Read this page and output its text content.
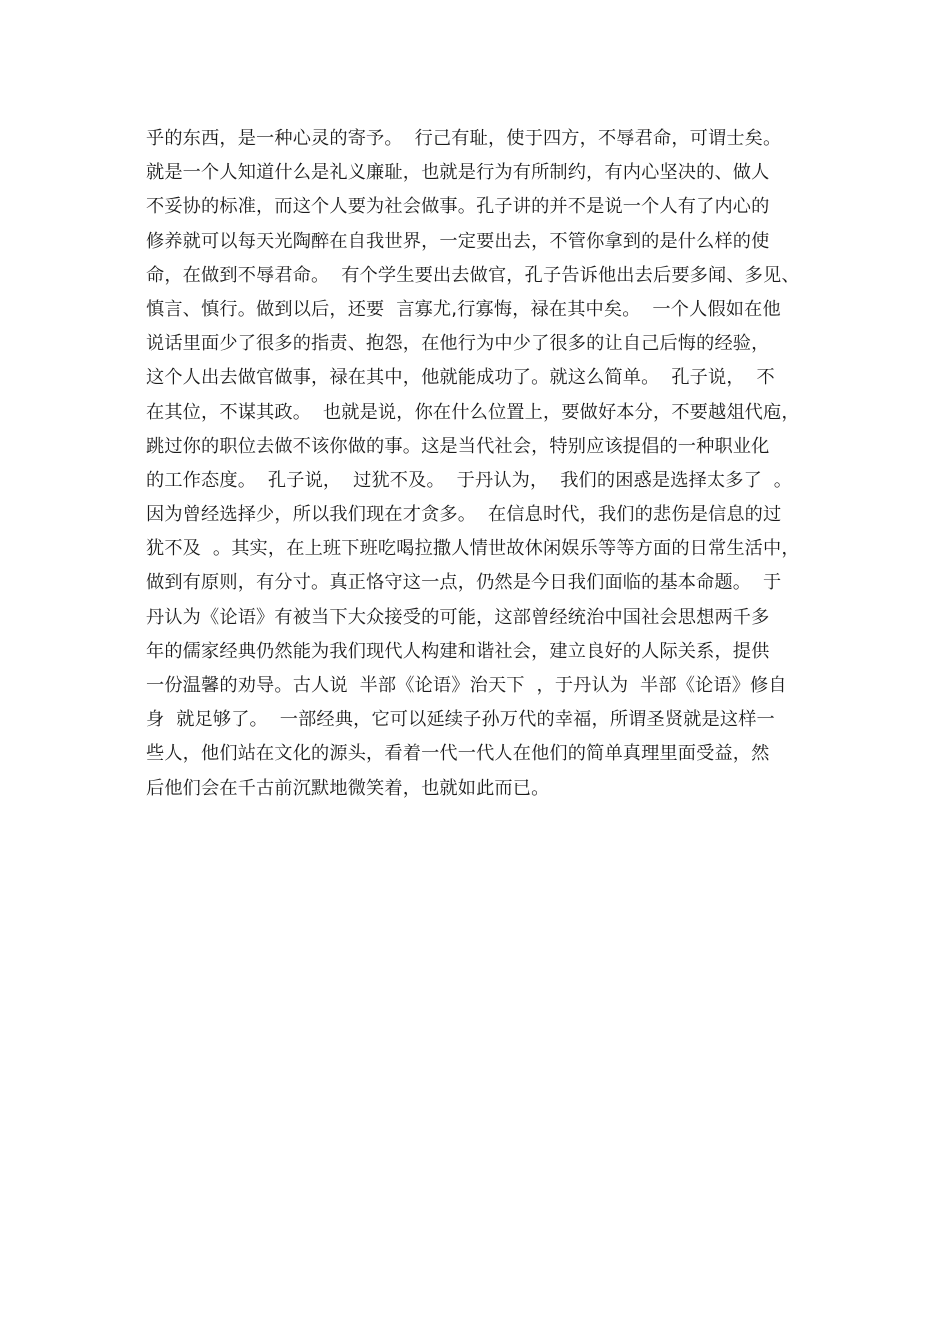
乎的东西，是一种心灵的寄予。  行己有耻，使于四方，不辱君命，可谓士矣。
就是一个人知道什么是礼义廉耻，也就是行为有所制约，有内心坚决的、做人
不妥协的标准，而这个人要为社会做事。孔子讲的并不是说一个人有了内心的
修养就可以每天光陶醉在自我世界，一定要出去，不管你拿到的是什么样的使
命，在做到不辱君命。  有个学生要出去做官，孔子告诉他出去后要多闻、多见、
慎言、慎行。做到以后，还要  言寡尤,行寡悔，禄在其中矣。  一个人假如在他
说话里面少了很多的指责、抱怨，在他行为中少了很多的让自己后悔的经验，
这个人出去做官做事，禄在其中，他就能成功了。就这么简单。  孔子说，  不
在其位，不谋其政。  也就是说，你在什么位置上，要做好本分，不要越俎代庖，
跳过你的职位去做不该你做的事。这是当代社会，特别应该提倡的一种职业化
的工作态度。  孔子说，  过犹不及。  于丹认为，  我们的困惑是选择太多了  。
因为曾经选择少，所以我们现在才贪多。  在信息时代，我们的悲伤是信息的过
犹不及  。其实，在上班下班吃喝拉撒人情世故休闲娱乐等等方面的日常生活中，
做到有原则，有分寸。真正恪守这一点，仍然是今日我们面临的基本命题。  于
丹认为《论语》有被当下大众接受的可能，这部曾经统治中国社会思想两千多
年的儒家经典仍然能为我们现代人构建和谐社会，建立良好的人际关系，提供
一份温馨的劝导。古人说  半部《论语》治天下  ，于丹认为  半部《论语》修自
身  就足够了。  一部经典，它可以延续子孙万代的幸福，所谓圣贤就是这样一
些人，他们站在文化的源头，看着一代一代人在他们的简单真理里面受益，然
后他们会在千古前沉默地微笑着，也就如此而已。
